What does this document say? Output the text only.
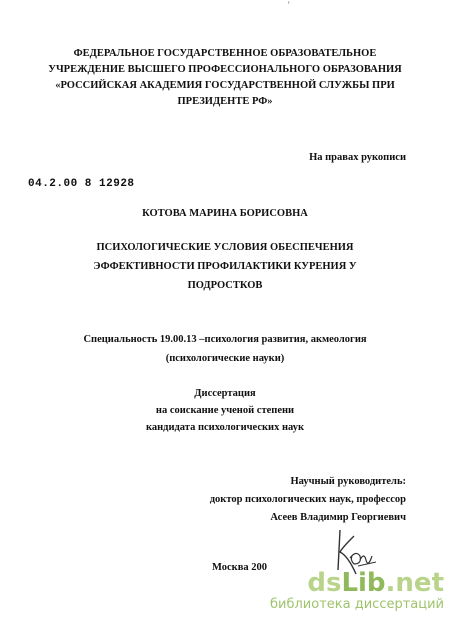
'
ФЕДЕРАЛЬНОЕ ГОСУДАРСТВЕННОЕ ОБРАЗОВАТЕЛЬНОЕ
УЧРЕЖДЕНИЕ ВЫСШЕГО ПРОФЕССИОНАЛЬНОГО ОБРАЗОВАНИЯ
«РОССИЙСКАЯ АКАДЕМИЯ ГОСУДАРСТВЕННОЙ СЛУЖБЫ ПРИ
ПРЕЗИДЕНТЕ РФ»
На правах рукописи
04.2.00 8 12928
КОТОВА МАРИНА БОРИСОВНА
ПСИХОЛОГИЧЕСКИЕ УСЛОВИЯ ОБЕСПЕЧЕНИЯ
ЭФФЕКТИВНОСТИ ПРОФИЛАКТИКИ КУРЕНИЯ У
ПОДРОСТКОВ
Специальность 19.00.13 –психология развития, акмеология
(психологические науки)
Диссертация
на соискание ученой степени
кандидата психологических наук
Научный руководитель:
доктор психологических наук, профессор
Асеев Владимир Георгиевич
Москва 200
dsLib.net
библиотека диссертаций
